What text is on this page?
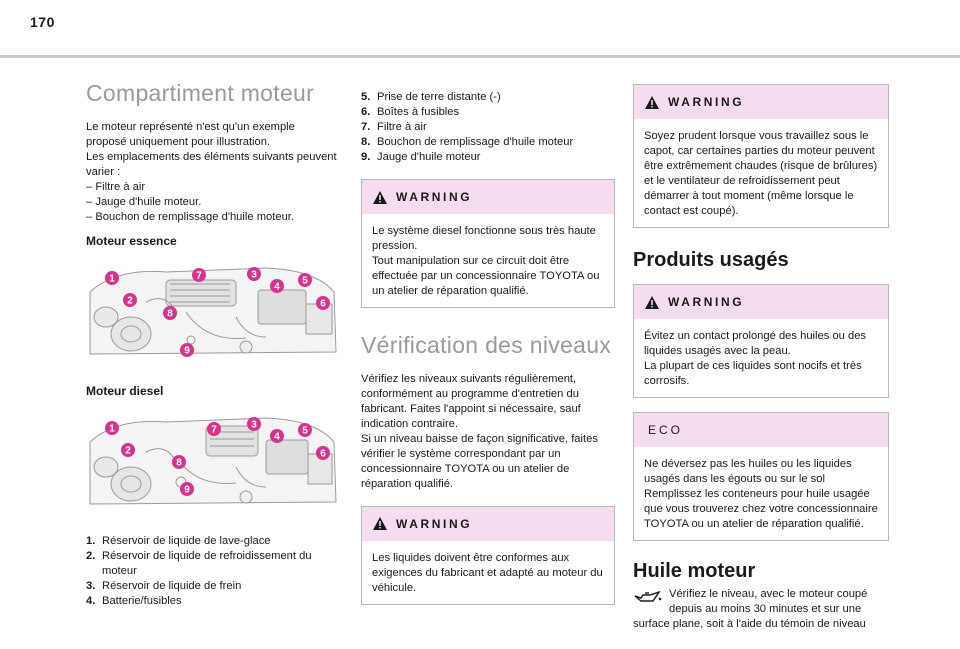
170
Compartiment moteur

Le moteur représenté n'est qu'un exemple proposé uniquement pour illustration.

Les emplacements des éléments suivants peuvent varier :

– Filtre à air
– Jauge d'huile moteur.
– Bouchon de remplissage d'huile moteur.
Moteur essence
1
2
3
4
5
6
7
8
9
Moteur diesel
1
2
3
4
5
6
7
8
9
1. Réservoir de liquide de lave-glace
2. Réservoir de liquide de refroidissement du moteur
3. Réservoir de liquide de frein
4. Batterie/fusibles
5. Prise de terre distante (-)
6. Boîtes à fusibles
7. Filtre à air
8. Bouchon de remplissage d'huile moteur
9. Jauge d'huile moteur
WARNING

Le système diesel fonctionne sous très haute pression.

Tout manipulation sur ce circuit doit être effectuée par un concessionnaire TOYOTA ou un atelier de réparation qualifié.

Vérification des niveaux

Vérifiez les niveaux suivants régulièrement, conformément au programme d'entretien du fabricant. Faites l'appoint si nécessaire, sauf indication contraire.

Si un niveau baisse de façon significative, faites vérifier le système correspondant par un concessionnaire TOYOTA ou un atelier de réparation qualifié.

WARNING

Les liquides doivent être conformes aux exigences du fabricant et adapté au moteur du véhicule.

WARNING

Soyez prudent lorsque vous travaillez sous le capot, car certaines parties du moteur peuvent être extrêmement chaudes (risque de brûlures) et le ventilateur de refroidissement peut démarrer à tout moment (même lorsque le contact est coupé).

Produits usagés
WARNING

Évitez un contact prolongé des huiles ou des liquides usagés avec la peau.

La plupart de ces liquides sont nocifs et très corrosifs.

ECO

Ne déversez pas les huiles ou les liquides usagés dans les égouts ou sur le sol Remplissez les conteneurs pour huile usagée que vous trouverez chez votre concessionnaire TOYOTA ou un atelier de réparation qualifié.

Huile moteur

Vérifiez le niveau, avec le moteur coupé depuis au moins 30 minutes et sur une surface plane, soit à l'aide du témoin de niveau
